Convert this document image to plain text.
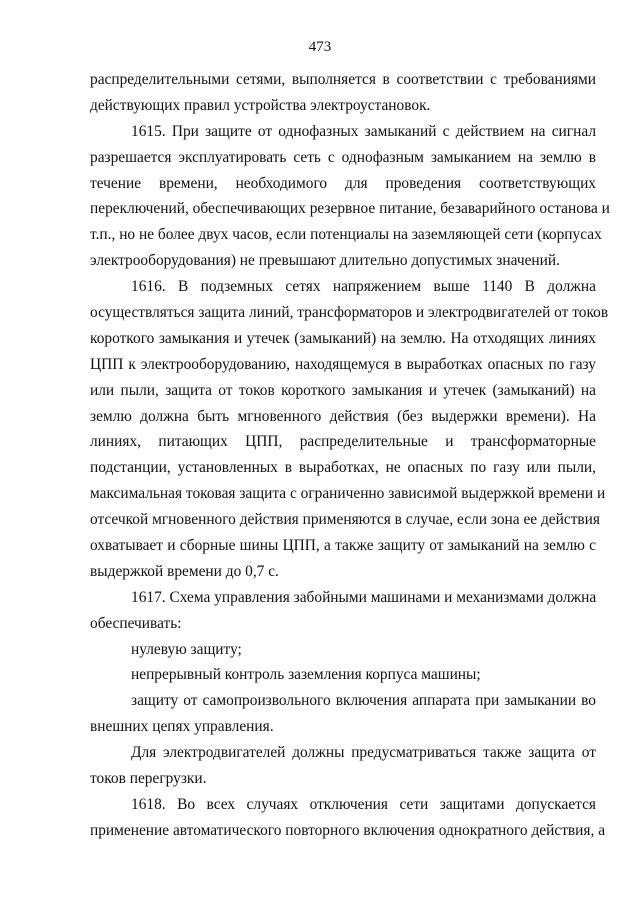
473
распределительными сетями, выполняется в соответствии с требованиями
действующих правил устройства электроустановок.
1615. При защите от однофазных замыканий с действием на сигнал
разрешается эксплуатировать сеть с однофазным замыканием на землю в
течение времени, необходимого для проведения соответствующих
переключений, обеспечивающих резервное питание, безаварийного останова и
т.п., но не более двух часов, если потенциалы на заземляющей сети (корпусах
электрооборудования) не превышают длительно допустимых значений.
1616. В подземных сетях напряжением выше 1140 В должна
осуществляться защита линий, трансформаторов и электродвигателей от токов
короткого замыкания и утечек (замыканий) на землю. На отходящих линиях
ЦПП к электрооборудованию, находящемуся в выработках опасных по газу
или пыли, защита от токов короткого замыкания и утечек (замыканий) на
землю должна быть мгновенного действия (без выдержки времени). На
линиях, питающих ЦПП, распределительные и трансформаторные
подстанции, установленных в выработках, не опасных по газу или пыли,
максимальная токовая защита с ограниченно зависимой выдержкой времени и
отсечкой мгновенного действия применяются в случае, если зона ее действия
охватывает и сборные шины ЦПП, а также защиту от замыканий на землю с
выдержкой времени до 0,7 с.
1617. Схема управления забойными машинами и механизмами должна
обеспечивать:
нулевую защиту;
непрерывный контроль заземления корпуса машины;
защиту от самопроизвольного включения аппарата при замыкании во
внешних цепях управления.
Для электродвигателей должны предусматриваться также защита от
токов перегрузки.
1618. Во всех случаях отключения сети защитами допускается
применение автоматического повторного включения однократного действия, а
